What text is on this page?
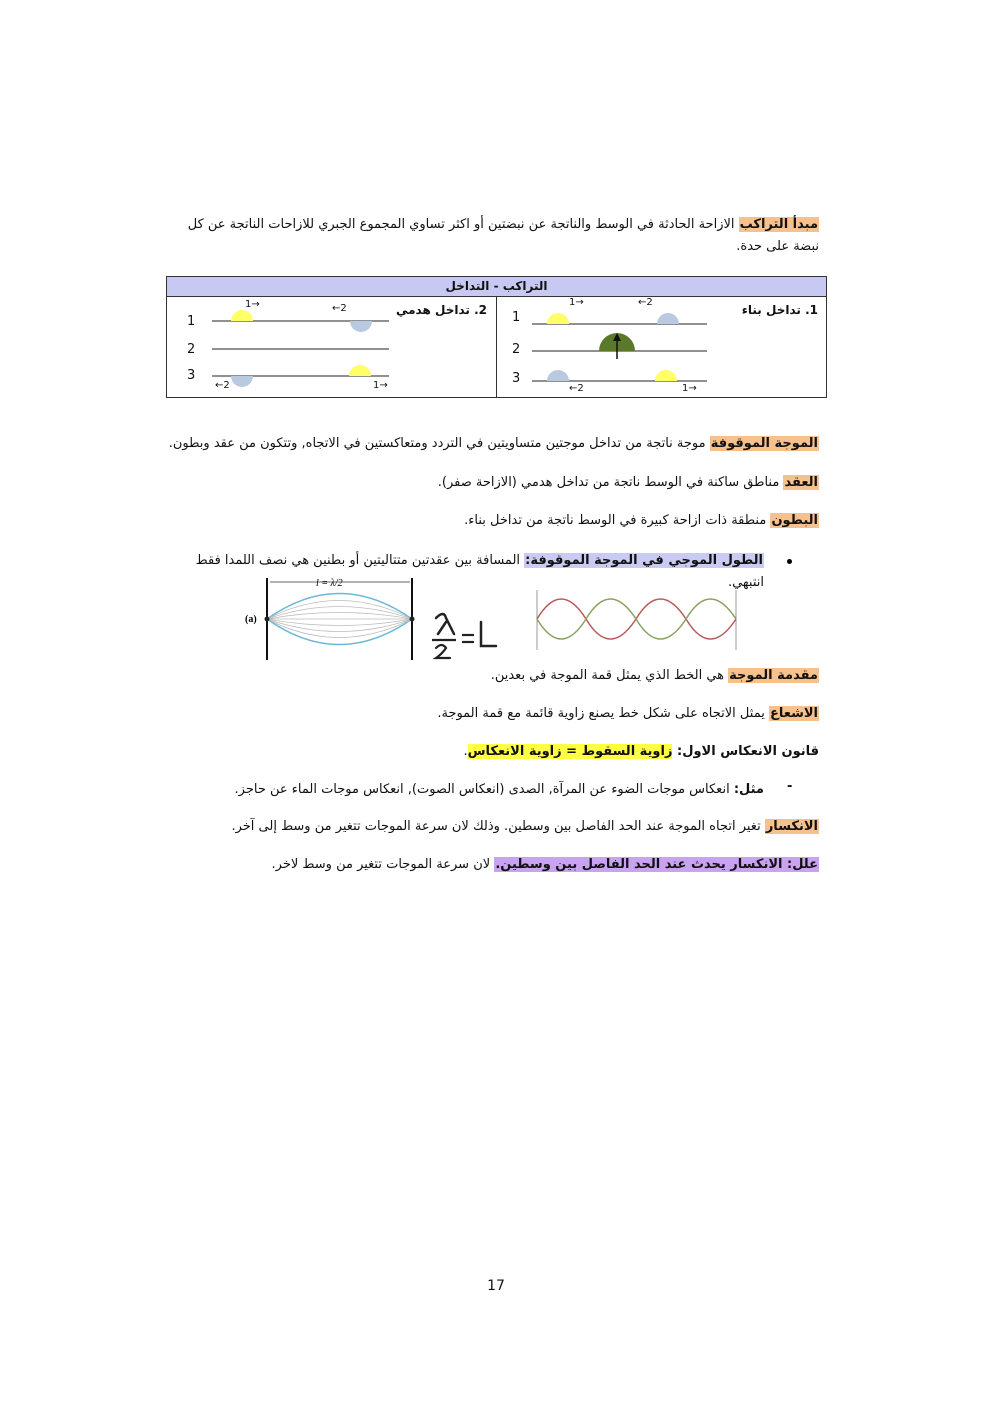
مبدأ التراكب الازاحة الحادثة في الوسط والناتجة عن نبضتين أو اكثر تساوي المجموع الجبري للازاحات الناتجة عن كل نبضة على حدة.
التراكب - التداخل
1. تداخل بناء
1
2
3
1→	←2
←2	1→
2. تداخل هدمي
1
2
3
1→	←2
←2	1→
الموجة الموقوفة موجة ناتجة من تداخل موجتين متساويتين في التردد ومتعاكستين في الاتجاه, وتتكون من عقد وبطون.
العقد مناطق ساكنة في الوسط ناتجة من تداخل هدمي (الازاحة صفر).
البطون منطقة ذات ازاحة كبيرة في الوسط ناتجة من تداخل بناء.
الطول الموجي في الموجة الموقوفة: المسافة بين عقدتين متتاليتين أو بطنين هي نصف اللمدا فقط انتبهي.
(a)
l = λ/2
مقدمة الموجة هي الخط الذي يمثل قمة الموجة في بعدين.
الاشعاع يمثل الاتجاه على شكل خط يصنع زاوية قائمة مع قمة الموجة.
قانون الانعكاس الاول: زاوية السقوط = زاوية الانعكاس.
-
مثل: انعكاس موجات الضوء عن المرآة, الصدى (انعكاس الصوت), انعكاس موجات الماء عن حاجز.
الانكسار تغير اتجاه الموجة عند الحد الفاصل بين وسطين. وذلك لان سرعة الموجات تتغير من وسط إلى آخر.
علل: الانكسار يحدث عند الحد الفاصل بين وسطين. لان سرعة الموجات تتغير من وسط لاخر.
17
